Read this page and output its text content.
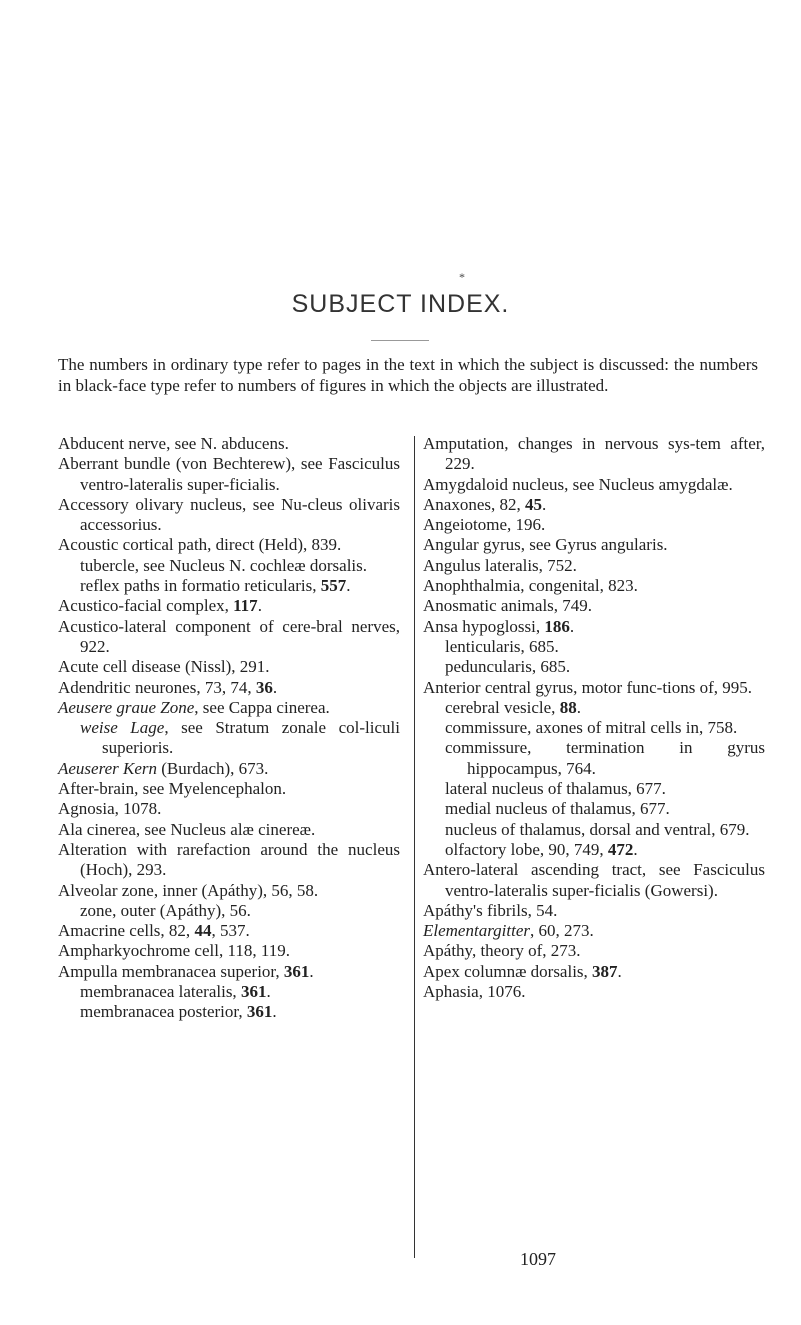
*
SUBJECT INDEX.

The numbers in ordinary type refer to pages in the text in which the subject is discussed: the numbers in black-face type refer to numbers of figures in which the objects are illustrated.

Abducent nerve, see N. abducens.

Aberrant bundle (von Bechterew), see Fasciculus ventro-lateralis super-ficialis.

Accessory olivary nucleus, see Nu-cleus olivaris accessorius.

Acoustic cortical path, direct (Held), 839.

tubercle, see Nucleus N. cochleæ dorsalis.

reflex paths in formatio reticularis, 557.

Acustico-facial complex, 117.

Acustico-lateral component of cere-bral nerves, 922.

Acute cell disease (Nissl), 291.

Adendritic neurones, 73, 74, 36.

Aeusere graue Zone, see Cappa cinerea.

weise Lage, see Stratum zonale col-liculi superioris.

Aeuserer Kern (Burdach), 673.

After-brain, see Myelencephalon.

Agnosia, 1078.

Ala cinerea, see Nucleus alæ cinereæ.

Alteration with rarefaction around the nucleus (Hoch), 293.

Alveolar zone, inner (Apáthy), 56, 58.

zone, outer (Apáthy), 56.

Amacrine cells, 82, 44, 537.

Ampharkyochrome cell, 118, 119.

Ampulla membranacea superior, 361.

membranacea lateralis, 361.

membranacea posterior, 361.

Amputation, changes in nervous sys-tem after, 229.

Amygdaloid nucleus, see Nucleus amygdalæ.

Anaxones, 82, 45.

Angeiotome, 196.

Angular gyrus, see Gyrus angularis.

Angulus lateralis, 752.

Anophthalmia, congenital, 823.

Anosmatic animals, 749.

Ansa hypoglossi, 186.

lenticularis, 685.

peduncularis, 685.

Anterior central gyrus, motor func-tions of, 995.

cerebral vesicle, 88.

commissure, axones of mitral cells in, 758.

commissure, termination in gyrus hippocampus, 764.

lateral nucleus of thalamus, 677.

medial nucleus of thalamus, 677.

nucleus of thalamus, dorsal and ventral, 679.

olfactory lobe, 90, 749, 472.

Antero-lateral ascending tract, see Fasciculus ventro-lateralis super-ficialis (Gowersi).

Apáthy's fibrils, 54.

Elementargitter, 60, 273.

Apáthy, theory of, 273.

Apex columnæ dorsalis, 387.

Aphasia, 1076.

1097
